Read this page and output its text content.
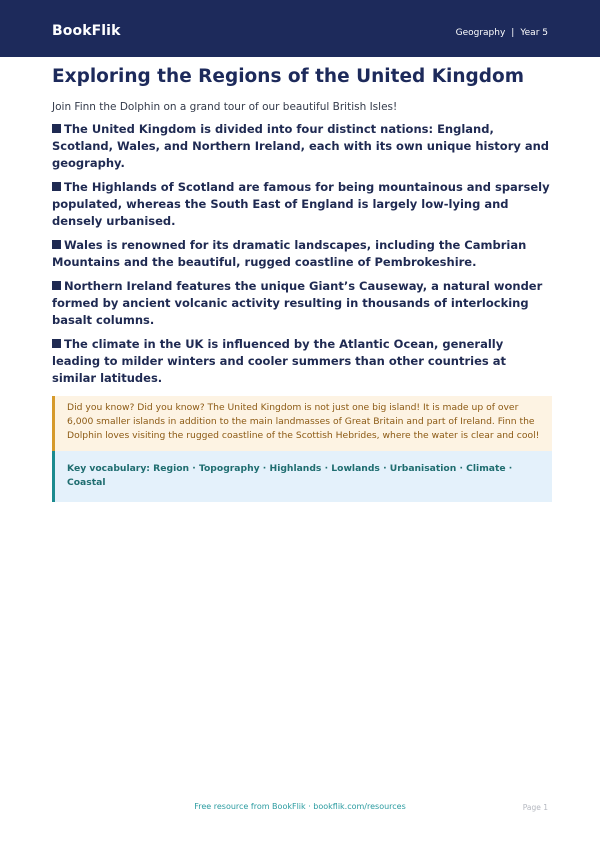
BookFlik	Geography | Year 5
Exploring the Regions of the United Kingdom

Join Finn the Dolphin on a grand tour of our beautiful British Isles!

The United Kingdom is divided into four distinct nations: England, Scotland, Wales, and Northern Ireland, each with its own unique history and geography.
The Highlands of Scotland are famous for being mountainous and sparsely populated, whereas the South East of England is largely low-lying and densely urbanised.
Wales is renowned for its dramatic landscapes, including the Cambrian Mountains and the beautiful, rugged coastline of Pembrokeshire.
Northern Ireland features the unique Giant’s Causeway, a natural wonder formed by ancient volcanic activity resulting in thousands of interlocking basalt columns.
The climate in the UK is influenced by the Atlantic Ocean, generally leading to milder winters and cooler summers than other countries at similar latitudes.
Did you know? Did you know? The United Kingdom is not just one big island! It is made up of over 6,000 smaller islands in addition to the main landmasses of Great Britain and part of Ireland. Finn the Dolphin loves visiting the rugged coastline of the Scottish Hebrides, where the water is clear and cool!
Key vocabulary: Region · Topography · Highlands · Lowlands · Urbanisation · Climate · Coastal
Free resource from BookFlik · bookflik.com/resources	Page 1
